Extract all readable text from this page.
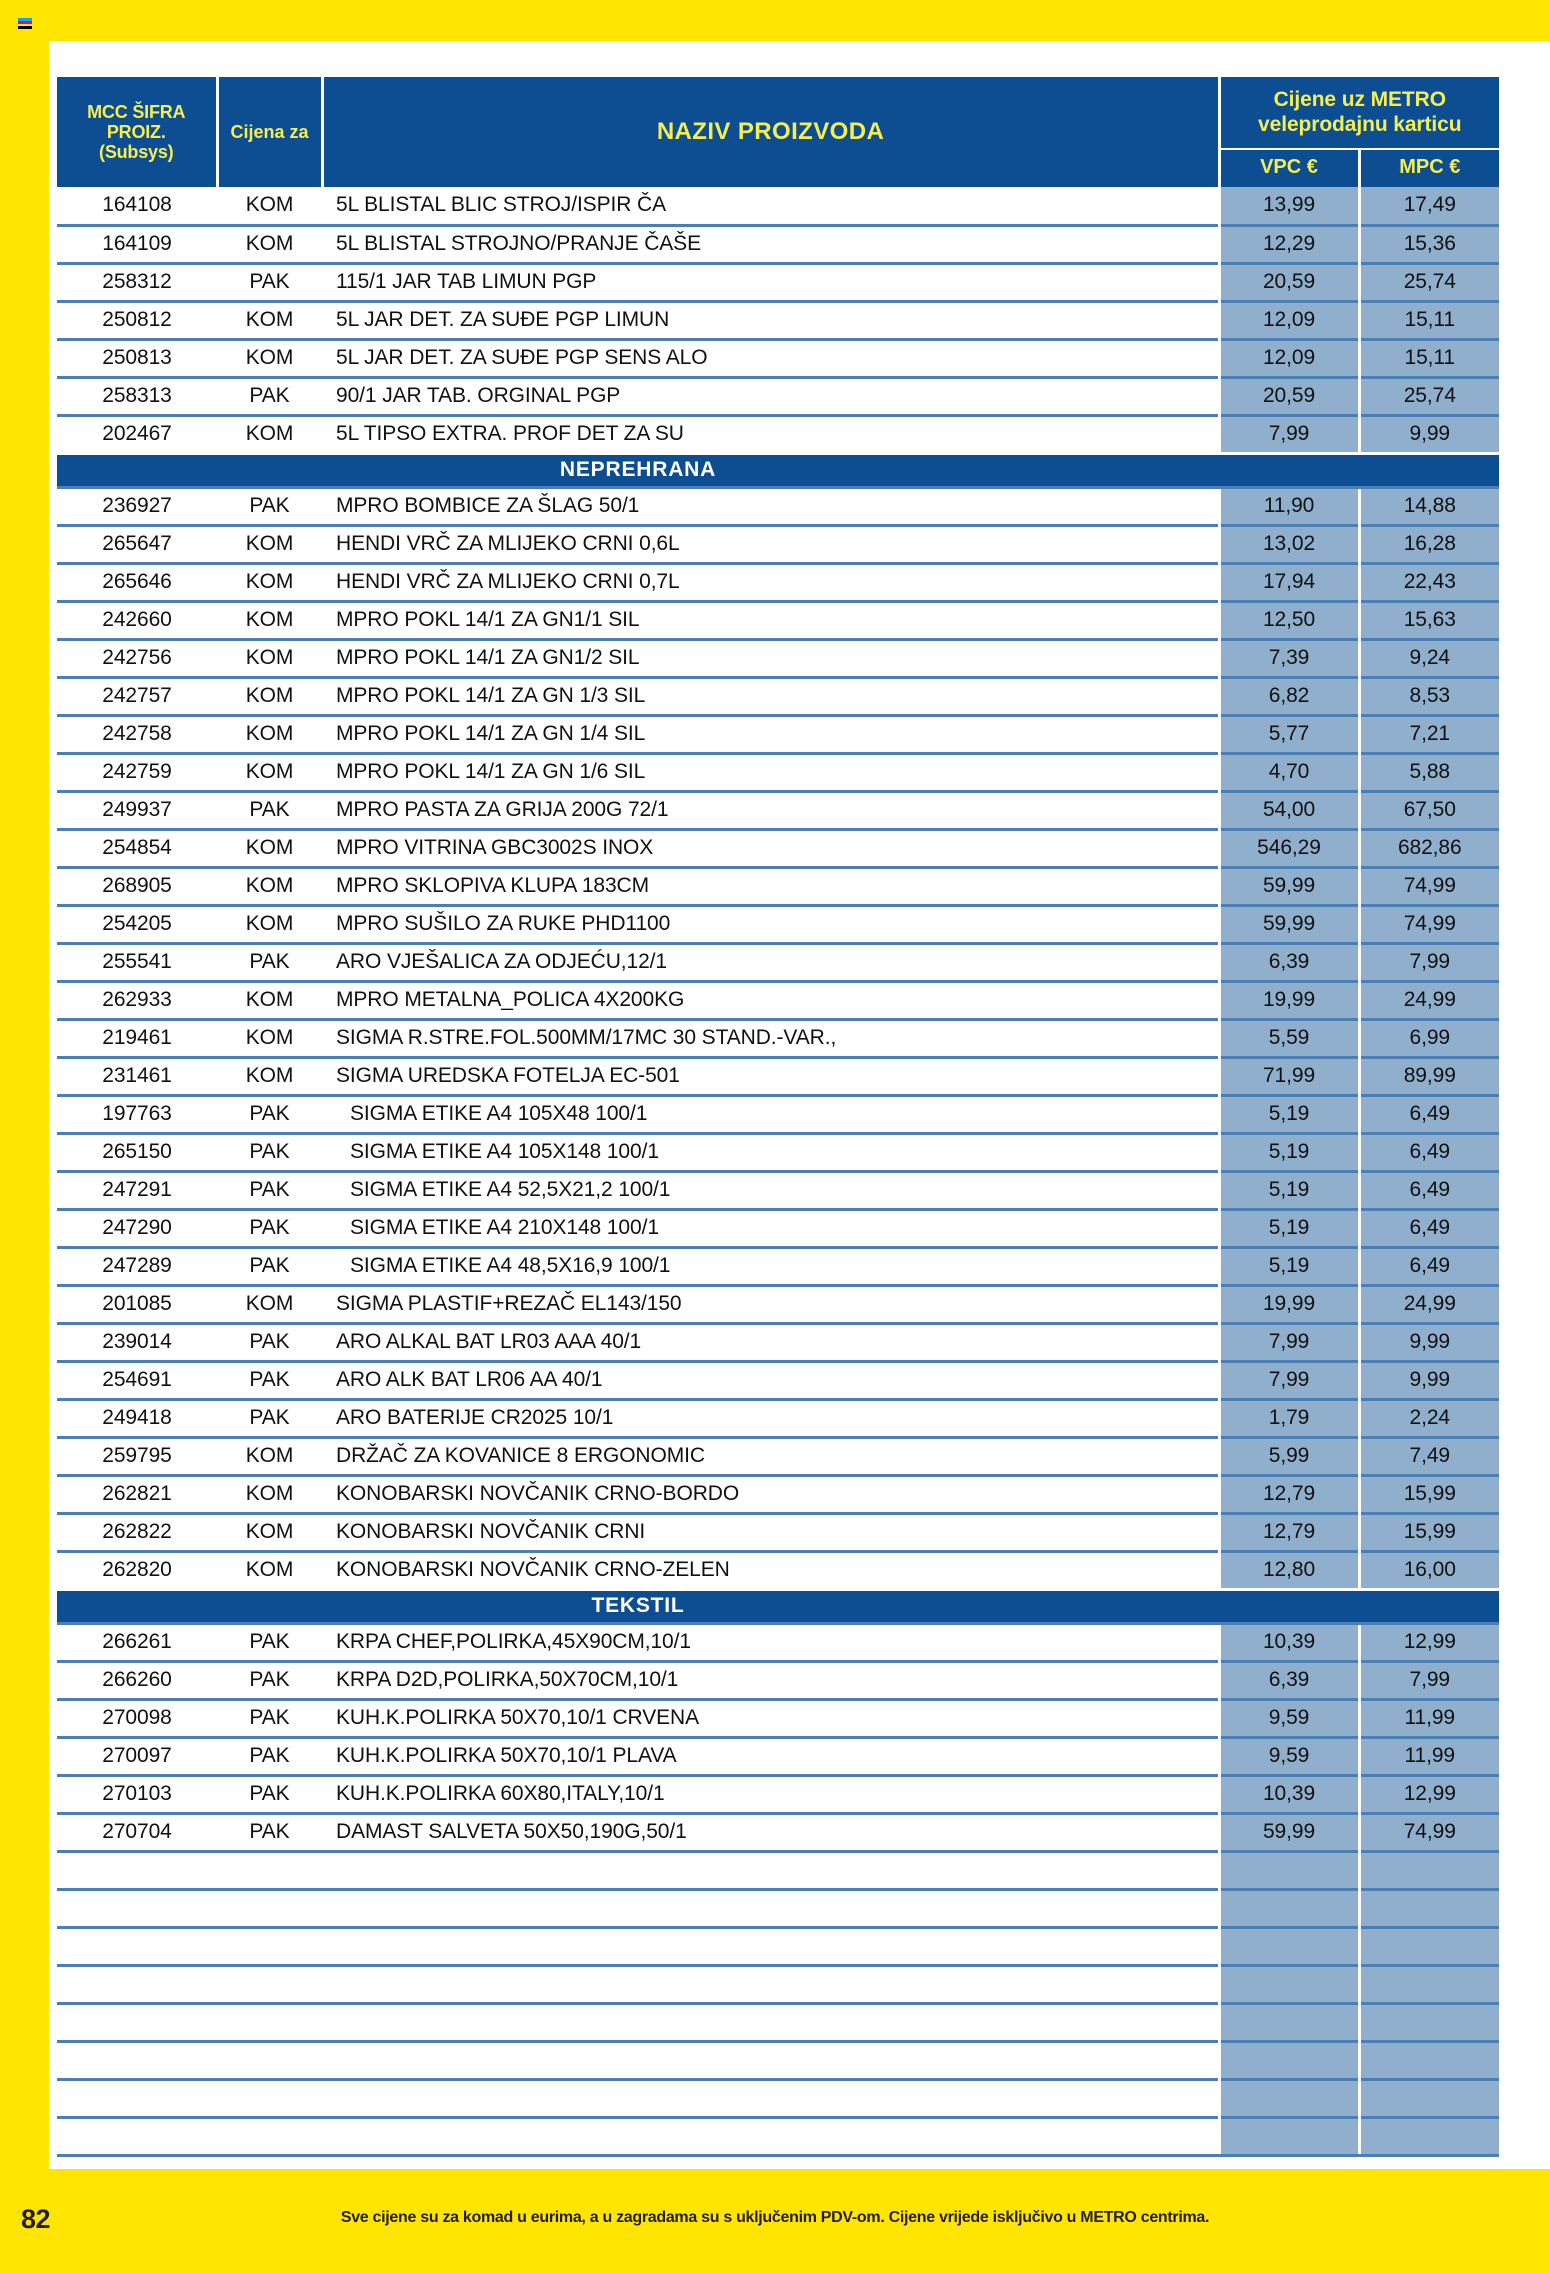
MCC ŠIFRA PROIZ.
(Subsys)	Cijena za	NAZIV PROIZVODA	Cijene uz METRO veleprodajnu karticu	
			VPC €	MPC €
164108	KOM	5L BLISTAL BLIC STROJ/ISPIR ČA	13,99	17,49
164109	KOM	5L BLISTAL STROJNO/PRANJE ČAŠE	12,29	15,36
258312	PAK	115/1 JAR TAB LIMUN PGP	20,59	25,74
250812	KOM	5L JAR DET. ZA SUĐE PGP LIMUN	12,09	15,11
250813	KOM	5L JAR DET. ZA SUĐE PGP SENS ALO	12,09	15,11
258313	PAK	90/1 JAR TAB. ORGINAL PGP	20,59	25,74
202467	KOM	5L TIPSO EXTRA. PROF DET ZA SU	7,99	9,99
NEPREHRANA				
236927	PAK	MPRO BOMBICE ZA ŠLAG 50/1	11,90	14,88
265647	KOM	HENDI VRČ ZA MLIJEKO CRNI 0,6L	13,02	16,28
265646	KOM	HENDI VRČ ZA MLIJEKO CRNI 0,7L	17,94	22,43
242660	KOM	MPRO POKL 14/1 ZA GN1/1 SIL	12,50	15,63
242756	KOM	MPRO POKL 14/1 ZA GN1/2 SIL	7,39	9,24
242757	KOM	MPRO POKL 14/1 ZA GN 1/3 SIL	6,82	8,53
242758	KOM	MPRO POKL 14/1 ZA GN 1/4 SIL	5,77	7,21
242759	KOM	MPRO POKL 14/1 ZA GN 1/6 SIL	4,70	5,88
249937	PAK	MPRO PASTA ZA GRIJA 200G 72/1	54,00	67,50
254854	KOM	MPRO VITRINA GBC3002S INOX	546,29	682,86
268905	KOM	MPRO SKLOPIVA KLUPA 183CM	59,99	74,99
254205	KOM	MPRO SUŠILO ZA RUKE PHD1100	59,99	74,99
255541	PAK	ARO VJEŠALICA ZA ODJEĆU,12/1	6,39	7,99
262933	KOM	MPRO METALNA_POLICA 4X200KG	19,99	24,99
219461	KOM	SIGMA R.STRE.FOL.500MM/17MC 30 STAND.-VAR.,	5,59	6,99
231461	KOM	SIGMA UREDSKA FOTELJA EC-501	71,99	89,99
197763	PAK	SIGMA ETIKE A4 105X48 100/1	5,19	6,49
265150	PAK	SIGMA ETIKE A4 105X148 100/1	5,19	6,49
247291	PAK	SIGMA ETIKE A4 52,5X21,2 100/1	5,19	6,49
247290	PAK	SIGMA ETIKE A4 210X148 100/1	5,19	6,49
247289	PAK	SIGMA ETIKE A4 48,5X16,9 100/1	5,19	6,49
201085	KOM	SIGMA PLASTIF+REZAČ EL143/150	19,99	24,99
239014	PAK	ARO ALKAL BAT LR03 AAA 40/1	7,99	9,99
254691	PAK	ARO ALK BAT LR06 AA 40/1	7,99	9,99
249418	PAK	ARO BATERIJE CR2025 10/1	1,79	2,24
259795	KOM	DRŽAČ ZA KOVANICE 8 ERGONOMIC	5,99	7,49
262821	KOM	KONOBARSKI NOVČANIK CRNO-BORDO	12,79	15,99
262822	KOM	KONOBARSKI NOVČANIK CRNI	12,79	15,99
262820	KOM	KONOBARSKI NOVČANIK CRNO-ZELEN	12,80	16,00
TEKSTIL				
266261	PAK	KRPA CHEF,POLIRKA,45X90CM,10/1	10,39	12,99
266260	PAK	KRPA D2D,POLIRKA,50X70CM,10/1	6,39	7,99
270098	PAK	KUH.K.POLIRKA 50X70,10/1 CRVENA	9,59	11,99
270097	PAK	KUH.K.POLIRKA 50X70,10/1 PLAVA	9,59	11,99
270103	PAK	KUH.K.POLIRKA 60X80,ITALY,10/1	10,39	12,99
270704	PAK	DAMAST SALVETA 50X50,190G,50/1	59,99	74,99

82	Sve cijene su za komad u eurima, a u zagradama su s uključenim PDV-om. Cijene vrijede isključivo u METRO centrima.
